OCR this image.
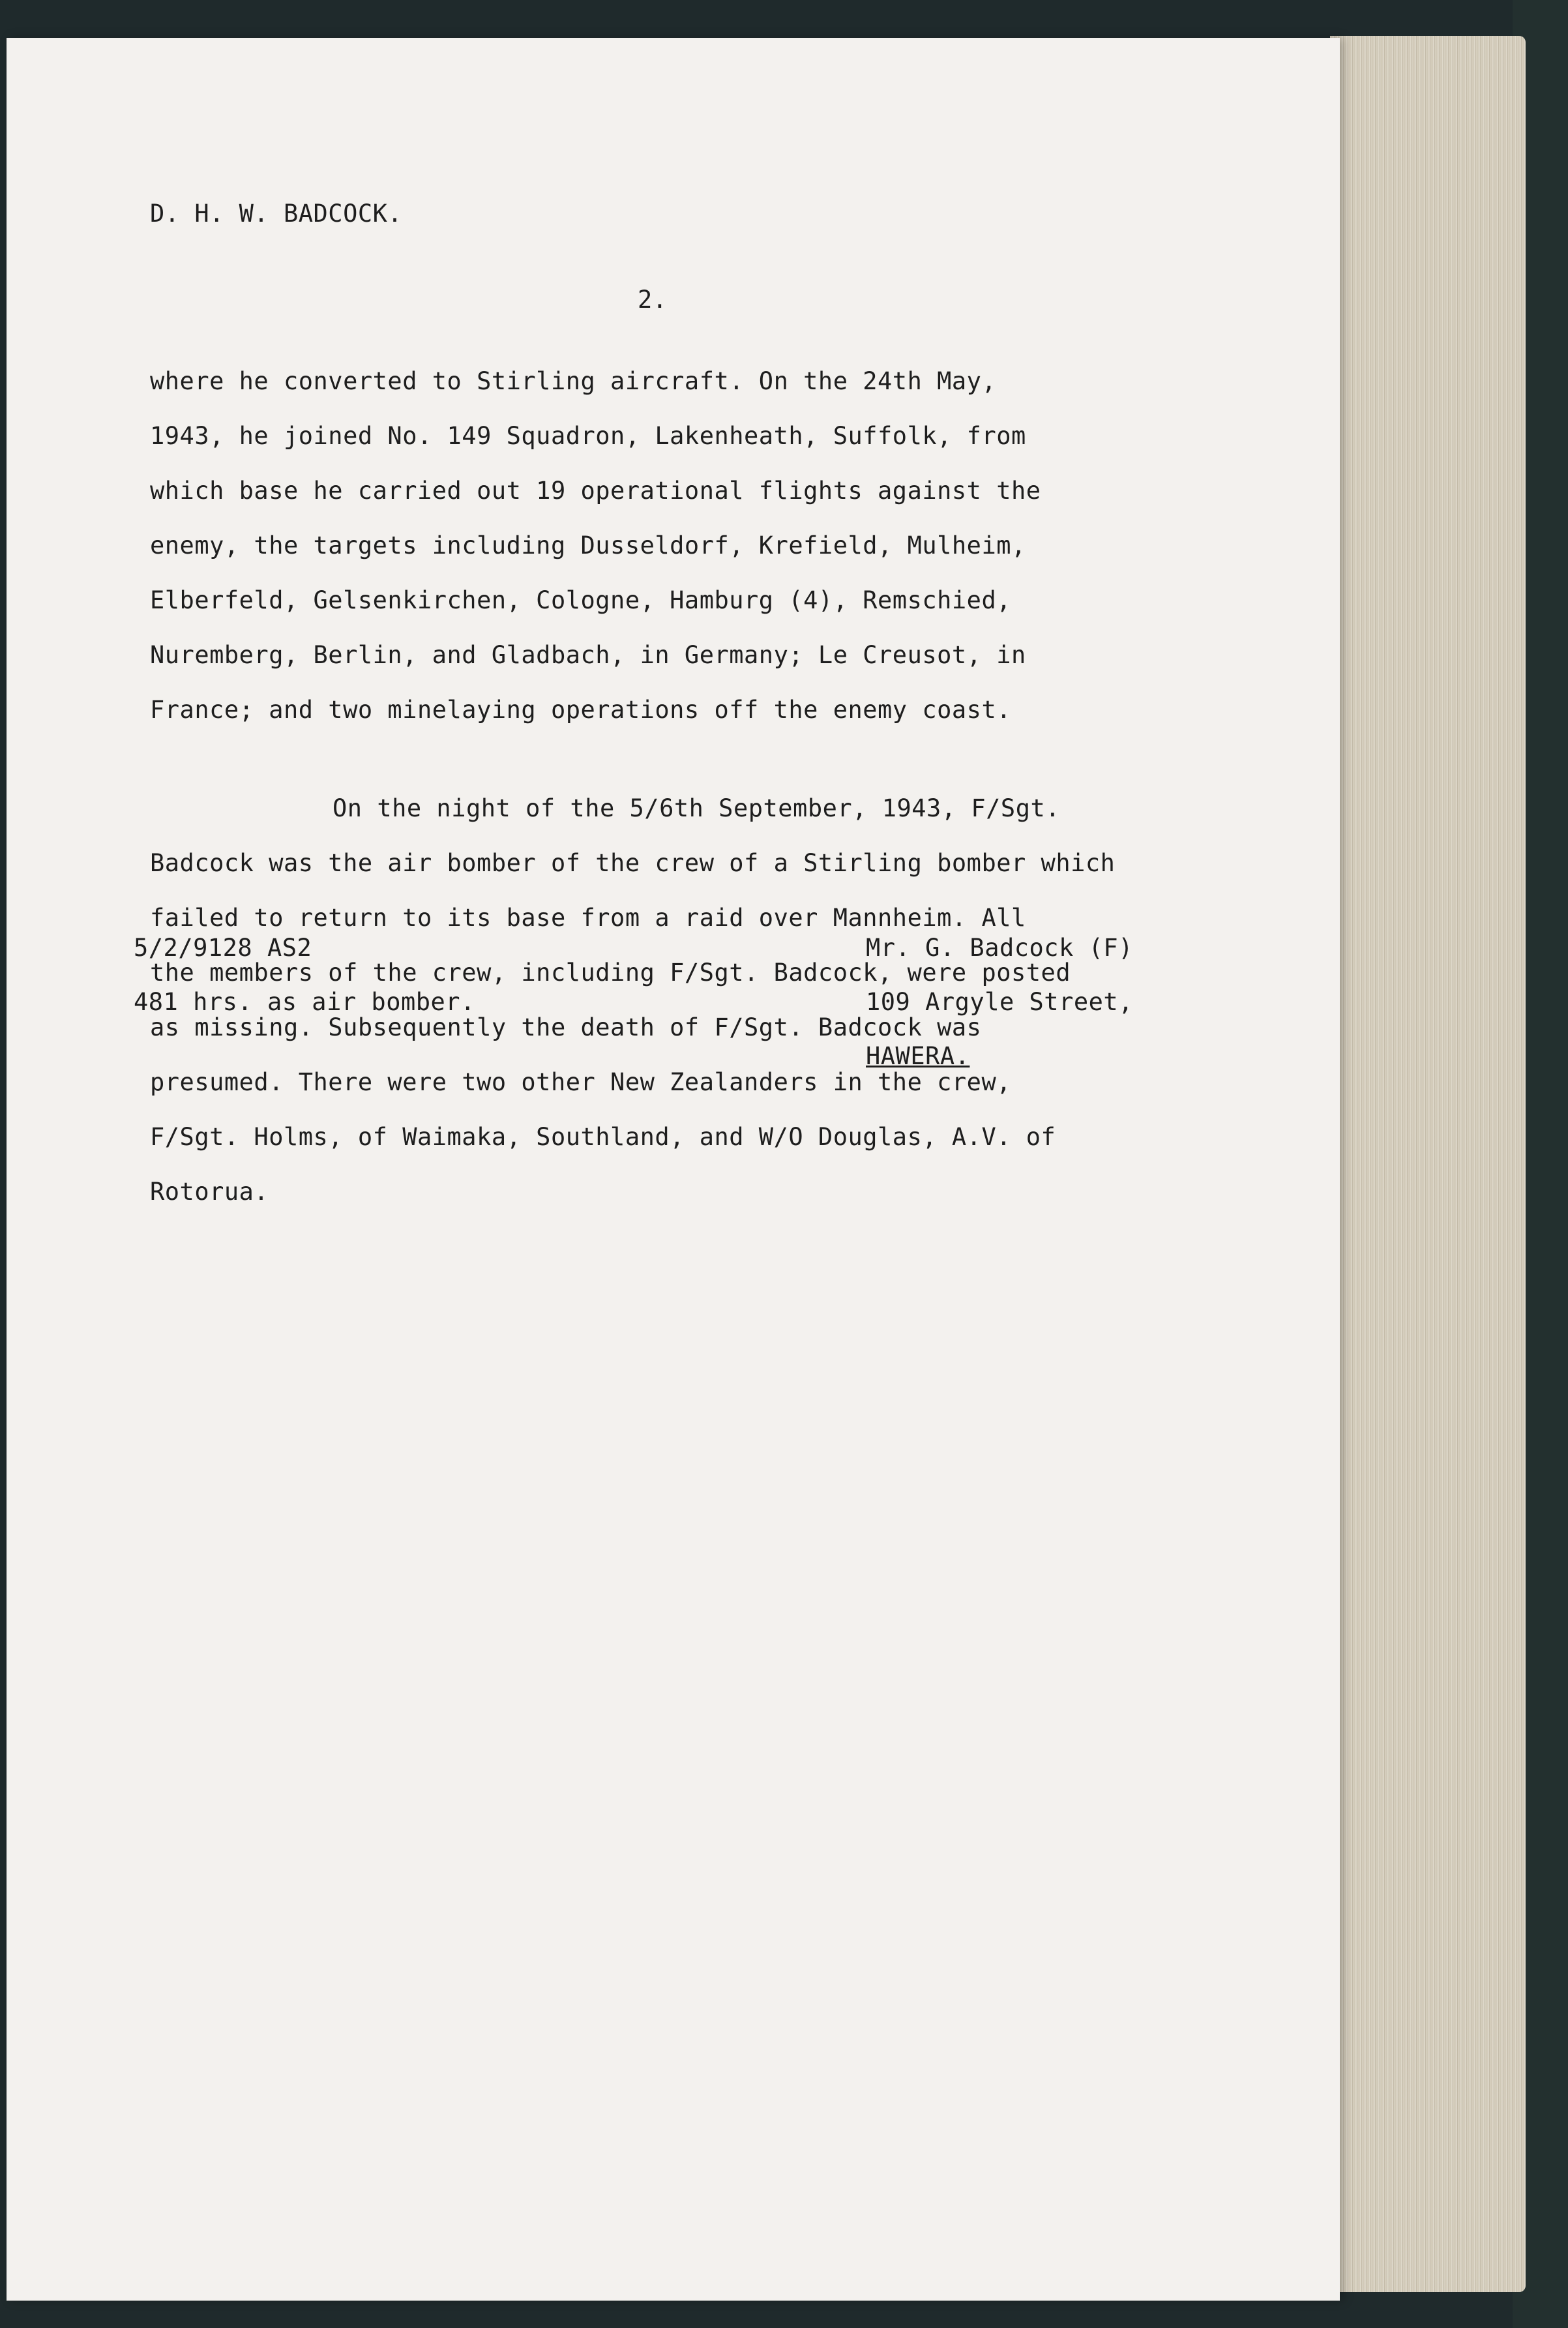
D. H. W. BADCOCK.
2.
where he converted to Stirling aircraft. On the 24th May,
1943, he joined No. 149 Squadron, Lakenheath, Suffolk, from
which base he carried out 19 operational flights against the
enemy, the targets including Dusseldorf, Krefield, Mulheim,
Elberfeld, Gelsenkirchen, Cologne, Hamburg (4), Remschied,
Nuremberg, Berlin, and Gladbach, in Germany; Le Creusot, in
France; and two minelaying operations off the enemy coast.
On the night of the 5/6th September, 1943, F/Sgt.
Badcock was the air bomber of the crew of a Stirling bomber which
failed to return to its base from a raid over Mannheim. All
the members of the crew, including F/Sgt. Badcock, were posted
as missing. Subsequently the death of F/Sgt. Badcock was
presumed. There were two other New Zealanders in the crew,
F/Sgt. Holms, of Waimaka, Southland, and W/O Douglas, A.V. of
Rotorua.
5/2/9128 AS2
481 hrs. as air bomber.
Mr. G. Badcock (F)
109 Argyle Street,
HAWERA.
